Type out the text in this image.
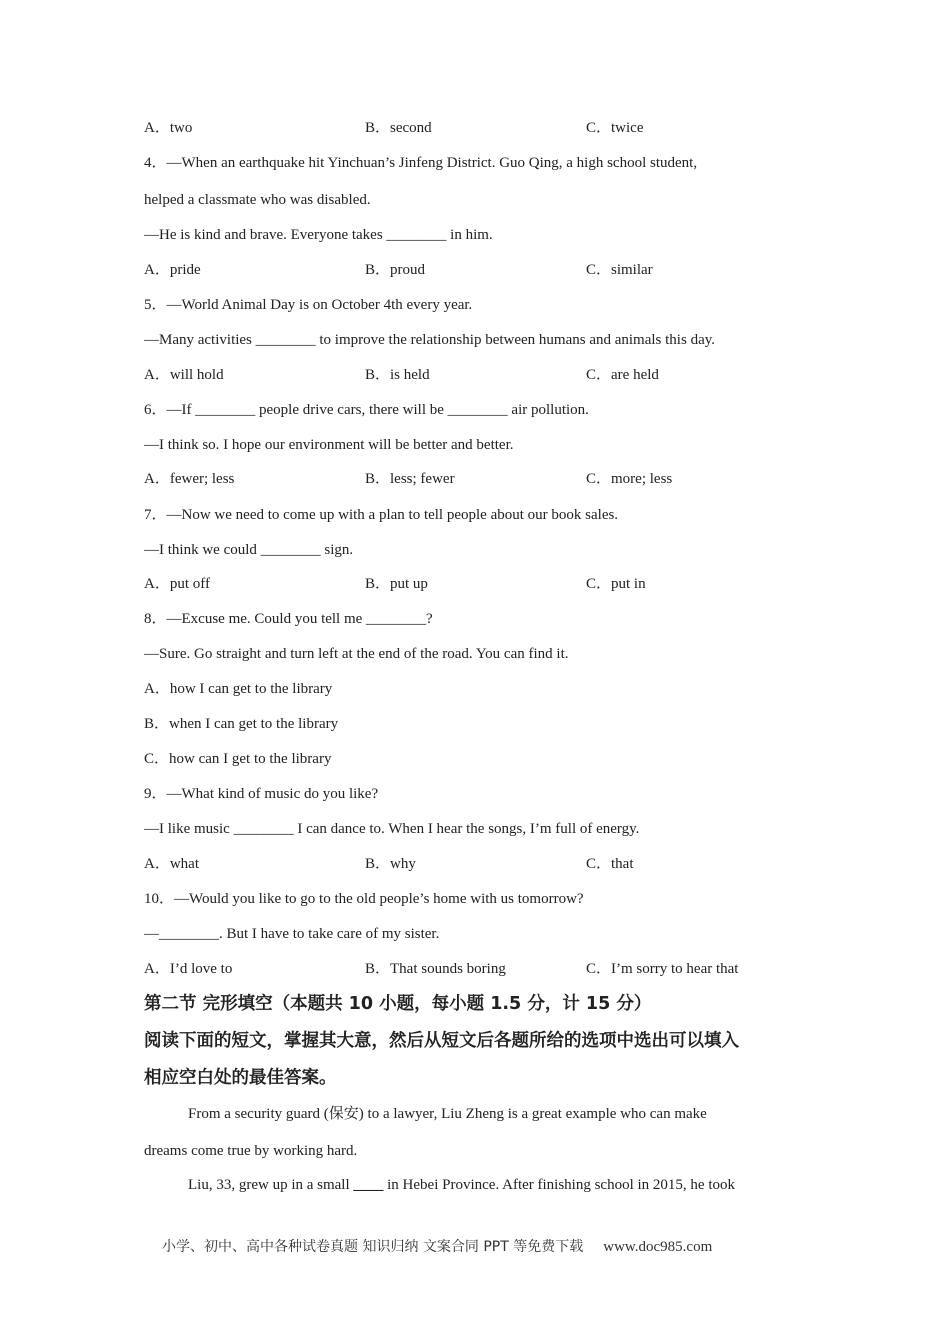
A．two	B．second	C．twice
4．—When an earthquake hit Yinchuan’s Jinfeng District. Guo Qing, a high school student,
helped a classmate who was disabled.
—He is kind and brave. Everyone takes ________ in him.
A．pride	B．proud	C．similar
5．—World Animal Day is on October 4th every year.
—Many activities ________ to improve the relationship between humans and animals this day.
A．will hold	B．is held	C．are held
6．—If ________ people drive cars, there will be ________ air pollution.
—I think so. I hope our environment will be better and better.
A．fewer; less	B．less; fewer	C．more; less
7．—Now we need to come up with a plan to tell people about our book sales.
—I think we could ________ sign.
A．put off	B．put up	C．put in
8．—Excuse me. Could you tell me ________?
—Sure. Go straight and turn left at the end of the road. You can find it.
A．how I can get to the library
B．when I can get to the library
C．how can I get to the library
9．—What kind of music do you like?
—I like music ________ I can dance to. When I hear the songs, I’m full of energy.
A．what	B．why	C．that
10．—Would you like to go to the old people’s home with us tomorrow?
—________. But I have to take care of my sister.
A．I’d love to	B．That sounds boring	C．I’m sorry to hear that
第二节 完形填空（本题共 10 小题，每小题 1.5 分，计 15 分）
阅读下面的短文，掌握其大意，然后从短文后各题所给的选项中选出可以填入
相应空白处的最佳答案。
From a security guard (保安) to a lawyer, Liu Zheng is a great example who can make
dreams come true by working hard.
Liu, 33, grew up in a small ____ in Hebei Province. After finishing school in 2015, he took
小学、初中、高中各种试卷真题 知识归纳 文案合同 PPT 等免费下载 www.doc985.com
